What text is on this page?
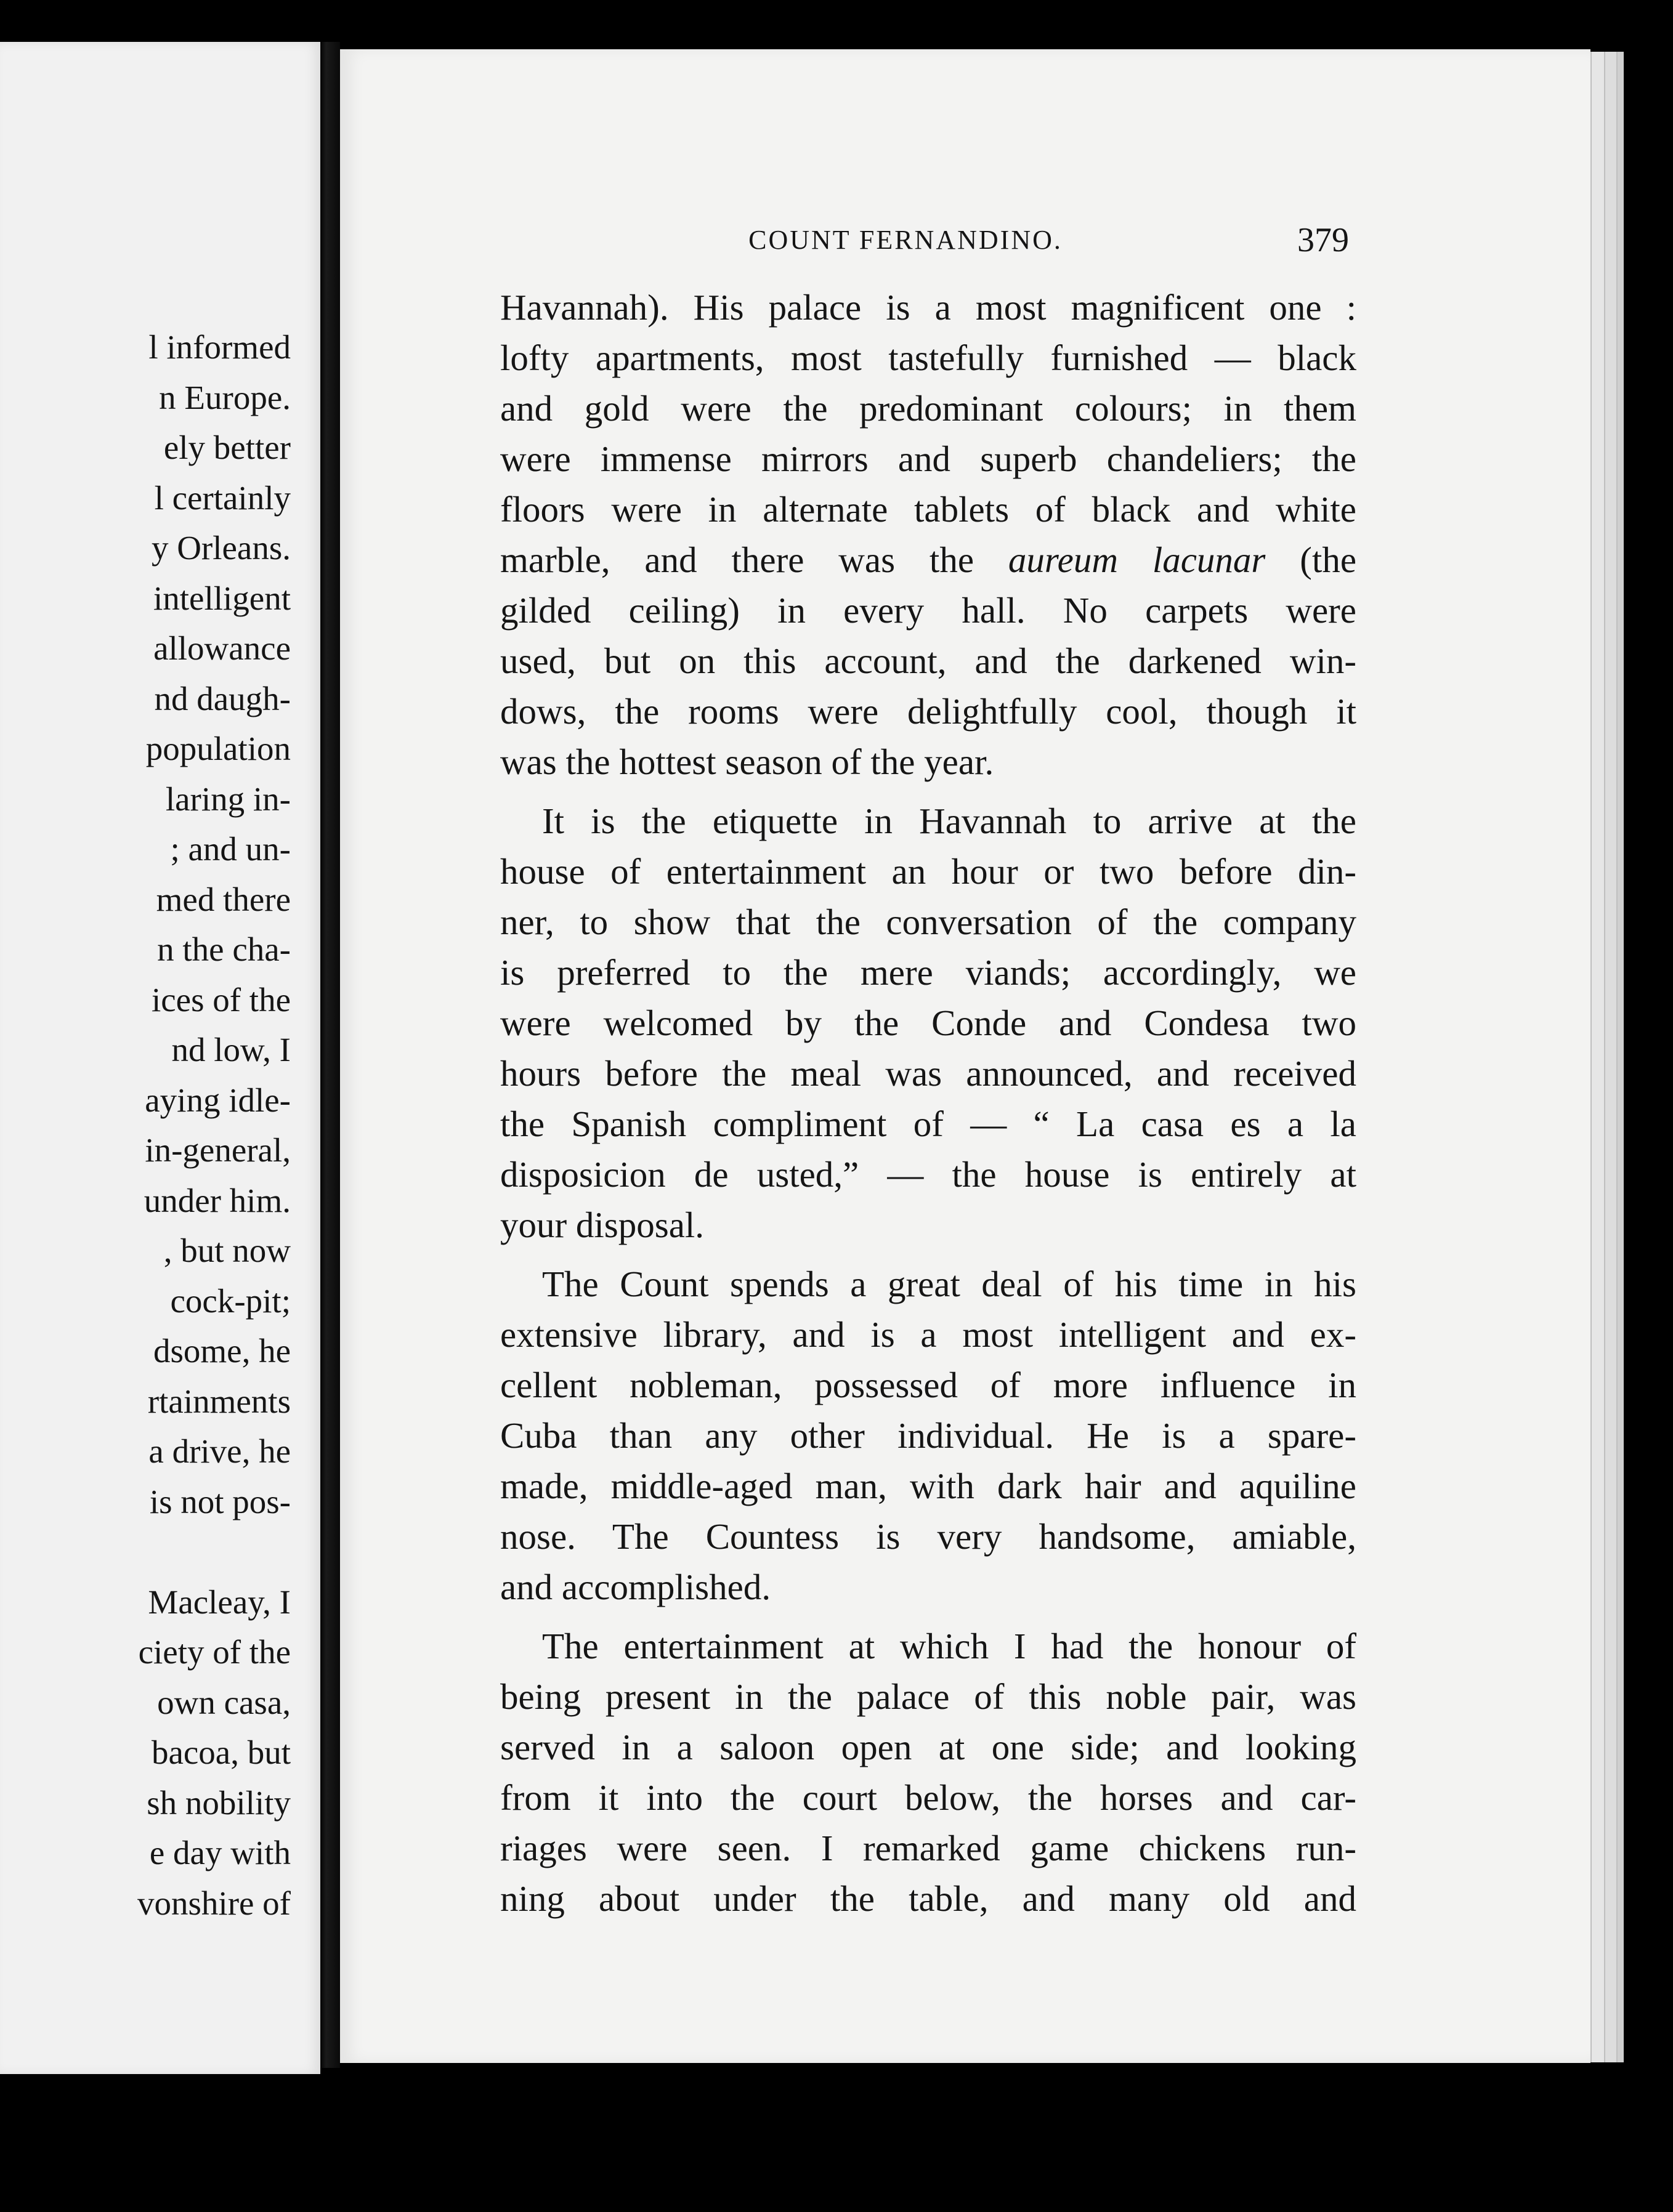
l informed
n Europe.
ely better
l certainly
y Orleans.
intelligent
allowance
nd daugh-
population
laring in-
; and un-
med there
n the cha-
ices of the
nd low, I
aying idle-
in-general,
under him.
, but now
cock-pit;
dsome, he
rtainments
a drive, he
is not pos-
Macleay, I
ciety of the
own casa,
bacoa, but
sh nobility
e day with
vonshire of
COUNT FERNANDINO.	379
Havannah). His palace is a most magnificent one :
lofty apartments, most tastefully furnished — black
and gold were the predominant colours; in them
were immense mirrors and superb chandeliers; the
floors were in alternate tablets of black and white
marble, and there was the aureum lacunar (the
gilded ceiling) in every hall. No carpets were
used, but on this account, and the darkened win-
dows, the rooms were delightfully cool, though it
was the hottest season of the year.
It is the etiquette in Havannah to arrive at the
house of entertainment an hour or two before din-
ner, to show that the conversation of the company
is preferred to the mere viands; accordingly, we
were welcomed by the Conde and Condesa two
hours before the meal was announced, and received
the Spanish compliment of — “ La casa es a la
disposicion de usted,” — the house is entirely at
your disposal.
The Count spends a great deal of his time in his
extensive library, and is a most intelligent and ex-
cellent nobleman, possessed of more influence in
Cuba than any other individual. He is a spare-
made, middle-aged man, with dark hair and aquiline
nose. The Countess is very handsome, amiable,
and accomplished.
The entertainment at which I had the honour of
being present in the palace of this noble pair, was
served in a saloon open at one side; and looking
from it into the court below, the horses and car-
riages were seen. I remarked game chickens run-
ning about under the table, and many old and
